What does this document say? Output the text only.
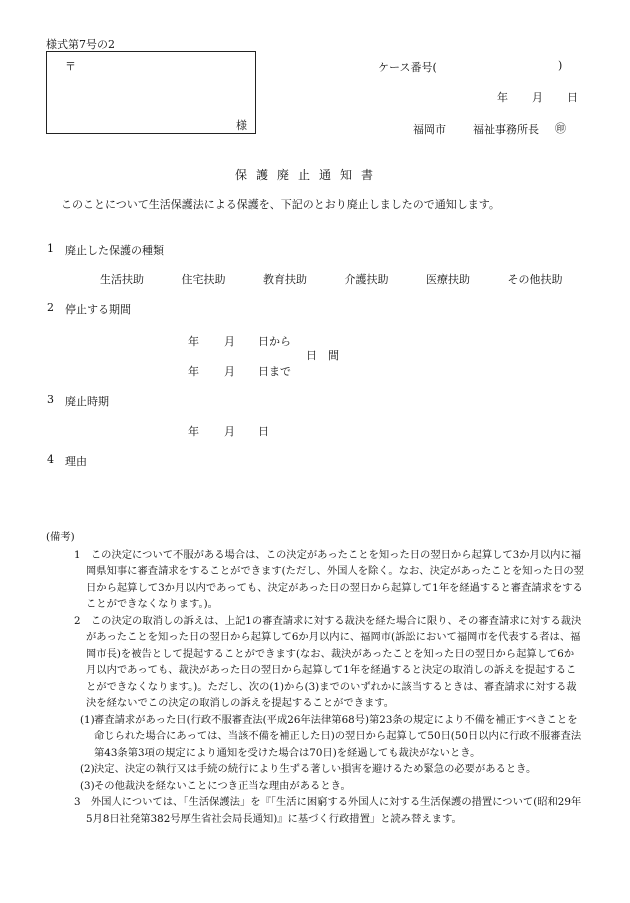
様式第7号の2
〒
様
ケース番号(	)
年 月 日
福岡市 福祉事務所長 ㊞
保護廃止通知書
このことについて生活保護法による保護を、下記のとおり廃止しましたので通知します。
1 廃止した保護の種類
生活扶助	住宅扶助	教育扶助	介護扶助	医療扶助	その他扶助
2 停止する期間
年 月 日から
日　間
年 月 日まで
3 廃止時期
年 月 日
4 理由
(備考)
1　この決定について不服がある場合は、この決定があったことを知った日の翌日から起算して3か月以内に福岡県知事に審査請求をすることができます(ただし、外国人を除く。なお、決定があったことを知った日の翌日から起算して3か月以内であっても、決定があった日の翌日から起算して1年を経過すると審査請求をすることができなくなります。)。
2　この決定の取消しの訴えは、上記1の審査請求に対する裁決を経た場合に限り、その審査請求に対する裁決があったことを知った日の翌日から起算して6か月以内に、福岡市(訴訟において福岡市を代表する者は、福岡市長)を被告として提起することができます(なお、裁決があったことを知った日の翌日から起算して6か月以内であっても、裁決があった日の翌日から起算して1年を経過すると決定の取消しの訴えを提起することができなくなります。)。ただし、次の(1)から(3)までのいずれかに該当するときは、審査請求に対する裁決を経ないでこの決定の取消しの訴えを提起することができます。
(1) 審査請求があった日(行政不服審査法(平成26年法律第68号)第23条の規定により不備を補正すべきことを命じられた場合にあっては、当該不備を補正した日)の翌日から起算して50日(50日以内に行政不服審査法第43条第3項の規定により通知を受けた場合は70日)を経過しても裁決がないとき。
(2) 決定、決定の執行又は手続の続行により生ずる著しい損害を避けるため緊急の必要があるとき。
(3) その他裁決を経ないことにつき正当な理由があるとき。
3　外国人については、「生活保護法」を『「生活に困窮する外国人に対する生活保護の措置について(昭和29年5月8日社発第382号厚生省社会局長通知)』に基づく行政措置」と読み替えます。
